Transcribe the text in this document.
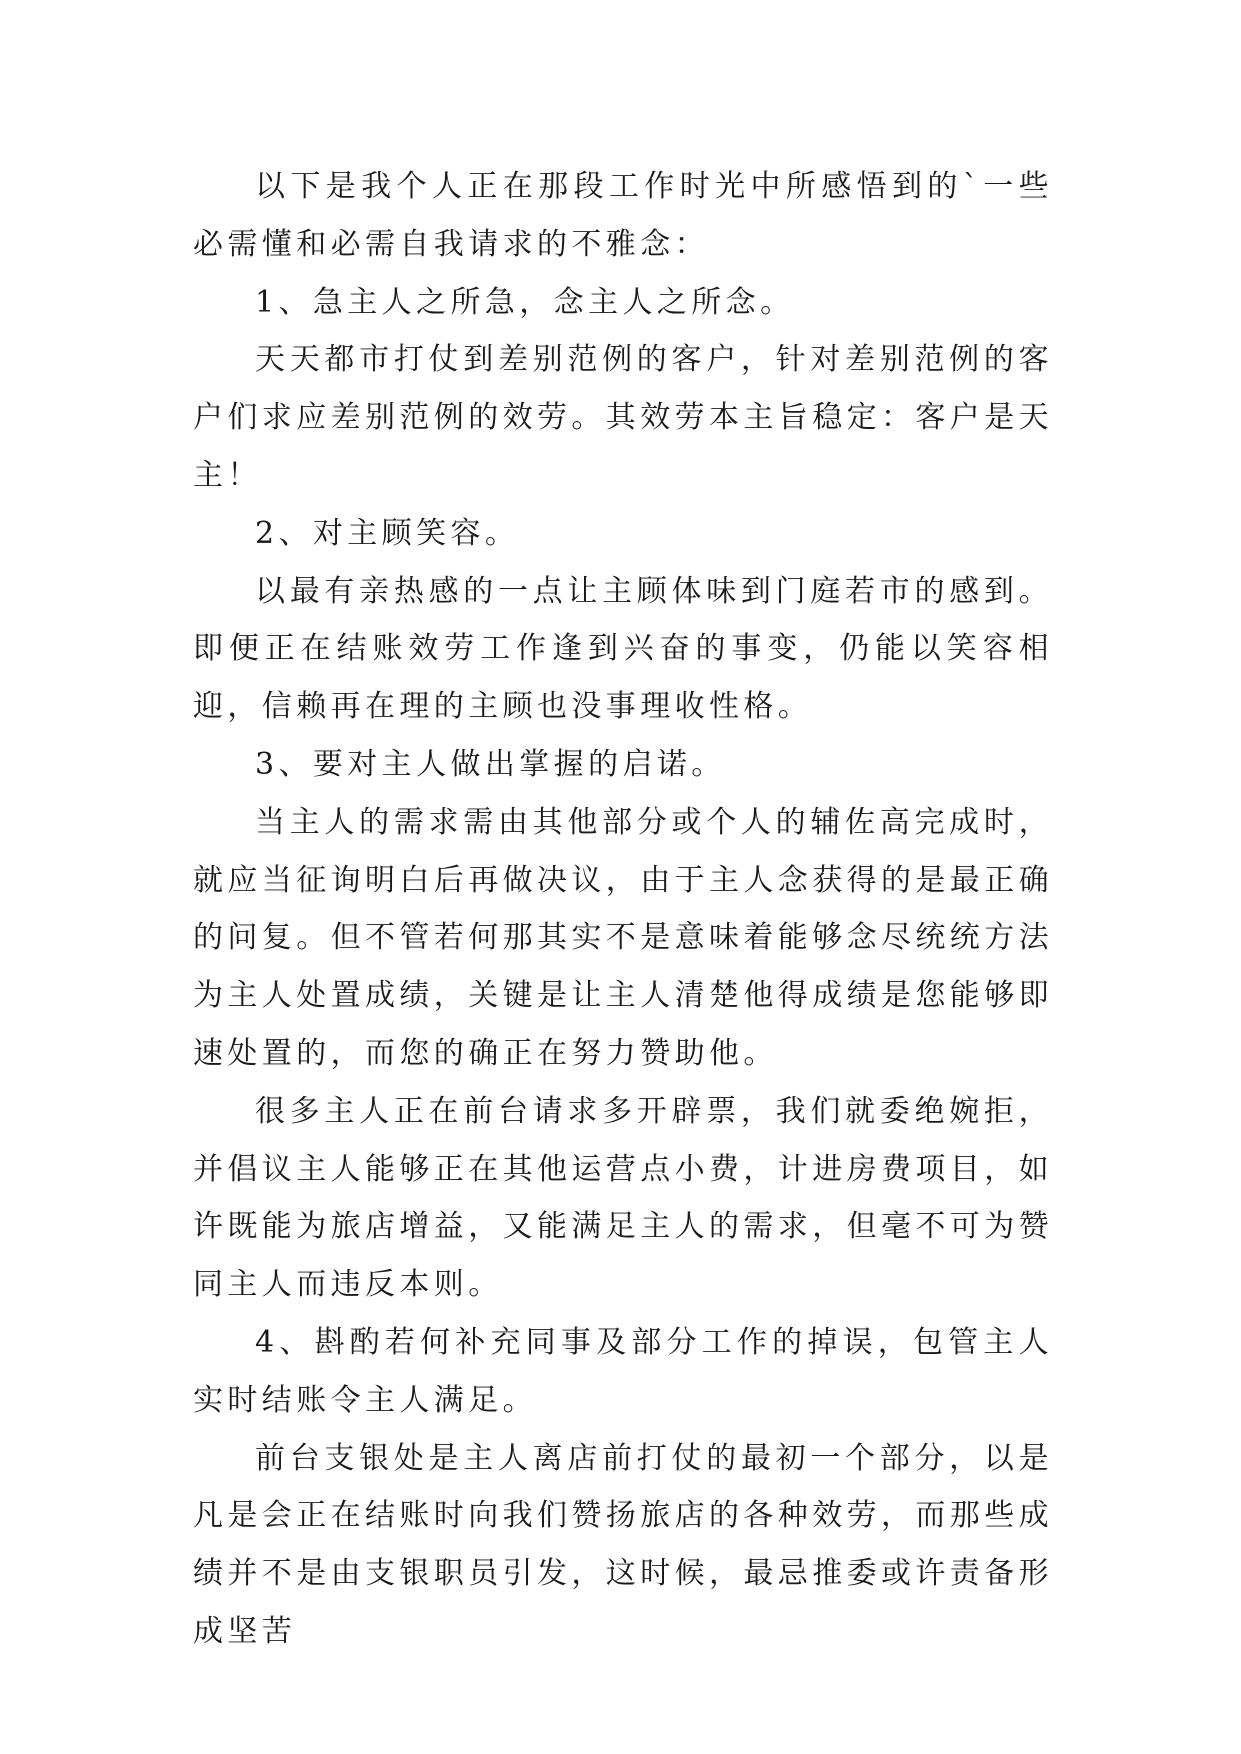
以下是我个人正在那段工作时光中所感悟到的`一些必需懂和必需自我请求的不雅念：

1、急主人之所急，念主人之所念。

天天都市打仗到差别范例的客户，针对差别范例的客户们求应差别范例的效劳。其效劳本主旨稳定：客户是天主！

2、对主顾笑容。

以最有亲热感的一点让主顾体味到门庭若市的感到。即便正在结账效劳工作逢到兴奋的事变，仍能以笑容相迎，信赖再在理的主顾也没事理收性格。

3、要对主人做出掌握的启诺。

当主人的需求需由其他部分或个人的辅佐高完成时，就应当征询明白后再做决议，由于主人念获得的是最正确的问复。但不管若何那其实不是意味着能够念尽统统方法为主人处置成绩，关键是让主人清楚他得成绩是您能够即速处置的，而您的确正在努力赞助他。

很多主人正在前台请求多开辟票，我们就委绝婉拒，并倡议主人能够正在其他运营点小费，计进房费项目，如许既能为旅店增益，又能满足主人的需求，但毫不可为赞同主人而违反本则。

4、斟酌若何补充同事及部分工作的掉误，包管主人实时结账令主人满足。

前台支银处是主人离店前打仗的最初一个部分，以是凡是会正在结账时向我们赞扬旅店的各种效劳，而那些成绩并不是由支银职员引发，这时候，最忌推委或许责备形成坚苦
